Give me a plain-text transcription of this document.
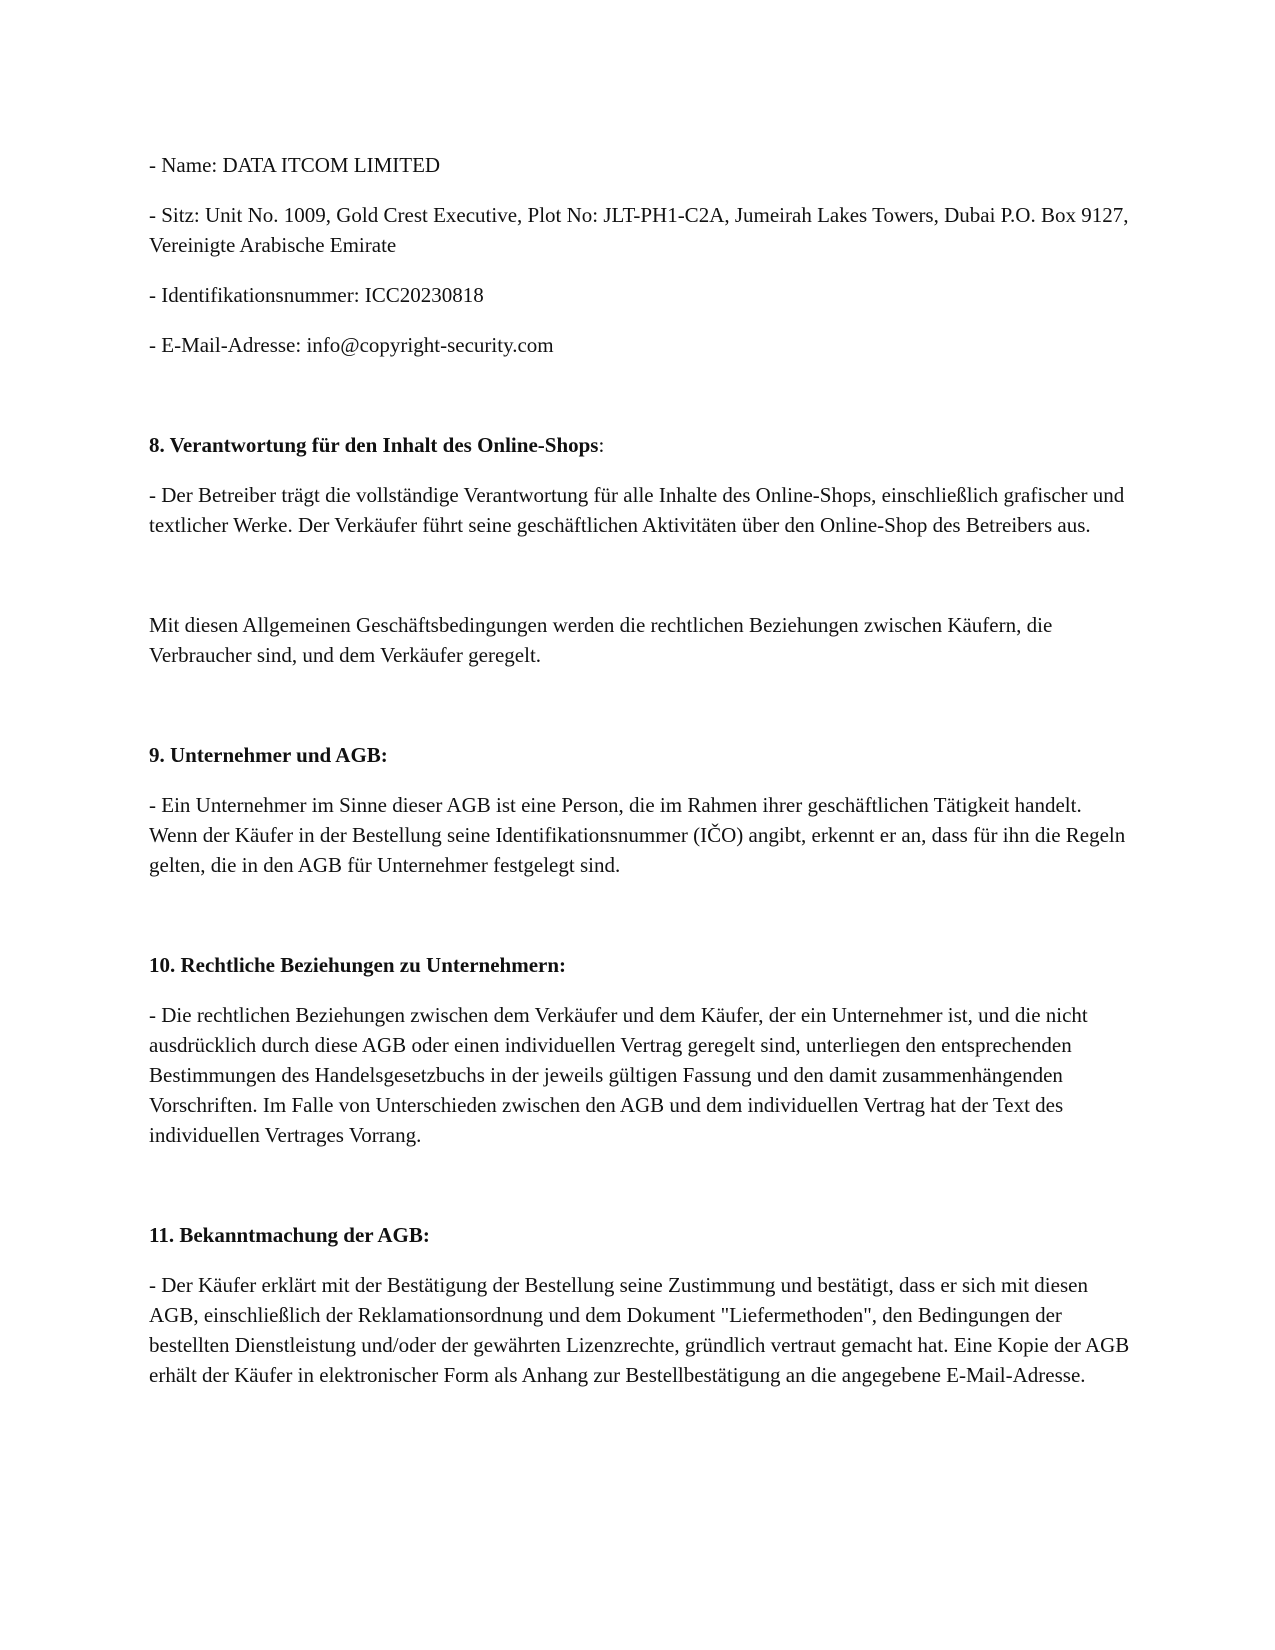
- Name: DATA ITCOM LIMITED

- Sitz: Unit No. 1009, Gold Crest Executive, Plot No: JLT-PH1-C2A, Jumeirah Lakes Towers, Dubai P.O. Box 9127, Vereinigte Arabische Emirate

- Identifikationsnummer: ICC20230818

- E-Mail-Adresse: info@copyright-security.com

8. Verantwortung für den Inhalt des Online-Shops:

- Der Betreiber trägt die vollständige Verantwortung für alle Inhalte des Online-Shops, einschließlich grafischer und textlicher Werke. Der Verkäufer führt seine geschäftlichen Aktivitäten über den Online-Shop des Betreibers aus.

Mit diesen Allgemeinen Geschäftsbedingungen werden die rechtlichen Beziehungen zwischen Käufern, die Verbraucher sind, und dem Verkäufer geregelt.

9. Unternehmer und AGB:

- Ein Unternehmer im Sinne dieser AGB ist eine Person, die im Rahmen ihrer geschäftlichen Tätigkeit handelt. Wenn der Käufer in der Bestellung seine Identifikationsnummer (IČO) angibt, erkennt er an, dass für ihn die Regeln gelten, die in den AGB für Unternehmer festgelegt sind.

10. Rechtliche Beziehungen zu Unternehmern:

- Die rechtlichen Beziehungen zwischen dem Verkäufer und dem Käufer, der ein Unternehmer ist, und die nicht ausdrücklich durch diese AGB oder einen individuellen Vertrag geregelt sind, unterliegen den entsprechenden Bestimmungen des Handelsgesetzbuchs in der jeweils gültigen Fassung und den damit zusammenhängenden Vorschriften. Im Falle von Unterschieden zwischen den AGB und dem individuellen Vertrag hat der Text des individuellen Vertrages Vorrang.

11. Bekanntmachung der AGB:

- Der Käufer erklärt mit der Bestätigung der Bestellung seine Zustimmung und bestätigt, dass er sich mit diesen AGB, einschließlich der Reklamationsordnung und dem Dokument "Liefermethoden", den Bedingungen der bestellten Dienstleistung und/oder der gewährten Lizenzrechte, gründlich vertraut gemacht hat. Eine Kopie der AGB erhält der Käufer in elektronischer Form als Anhang zur Bestellbestätigung an die angegebene E-Mail-Adresse.
